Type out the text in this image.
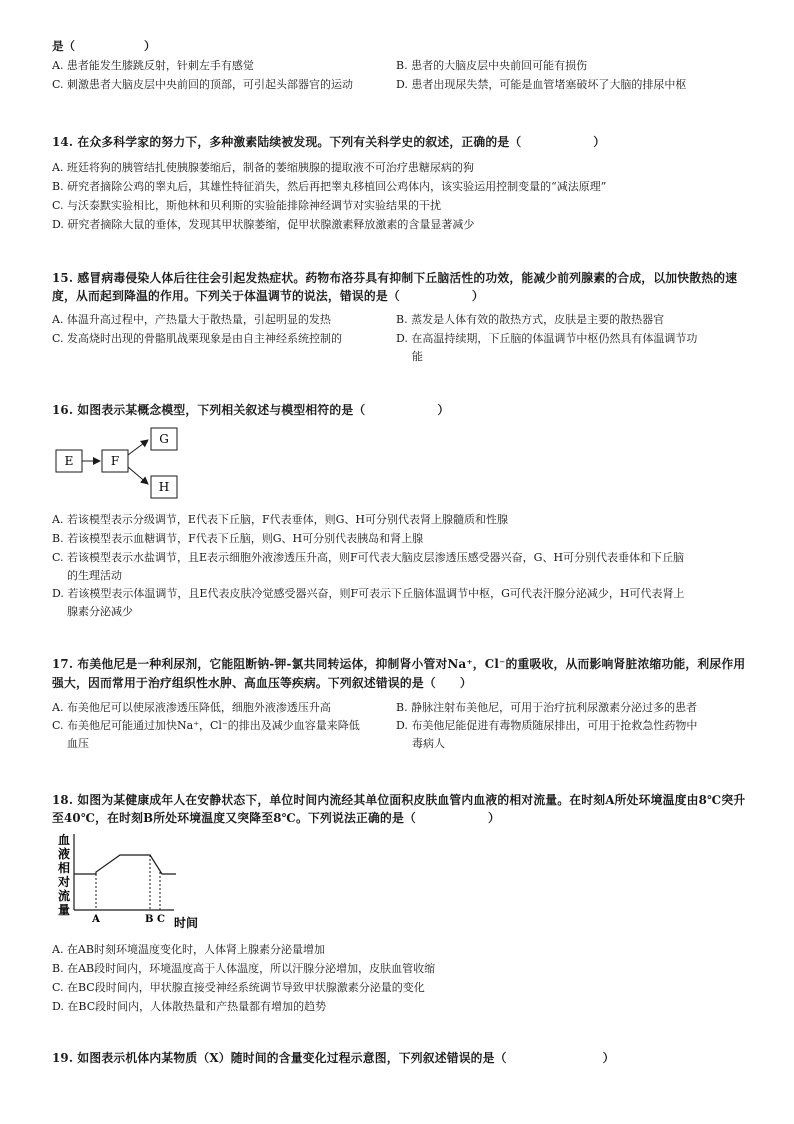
是（　　　　　　）
A. 患者能发生膝跳反射，针刺左手有感觉	B. 患者的大脑皮层中央前回可能有损伤
C. 刺激患者大脑皮层中央前回的顶部，可引起头部器官的运动	D. 患者出现尿失禁，可能是血管堵塞破坏了大脑的排尿中枢
14. 在众多科学家的努力下，多种激素陆续被发现。下列有关科学史的叙述，正确的是（　　　　　　）
A. 班廷将狗的胰管结扎使胰腺萎缩后，制备的萎缩胰腺的提取液不可治疗患糖尿病的狗
B. 研究者摘除公鸡的睾丸后，其雄性特征消失，然后再把睾丸移植回公鸡体内，该实验运用控制变量的“减法原理”
C. 与沃泰默实验相比，斯他林和贝利斯的实验能排除神经调节对实验结果的干扰
D. 研究者摘除大鼠的垂体，发现其甲状腺萎缩，促甲状腺激素释放激素的含量显著减少
15. 感冒病毒侵染人体后往往会引起发热症状。药物布洛芬具有抑制下丘脑活性的功效，能减少前列腺素的合成，以加快散热的速
度，从而起到降温的作用。下列关于体温调节的说法，错误的是（　　　　　　）
A. 体温升高过程中，产热量大于散热量，引起明显的发热	B. 蒸发是人体有效的散热方式，皮肤是主要的散热器官
C. 发高烧时出现的骨骼肌战栗现象是由自主神经系统控制的	D. 在高温持续期，下丘脑的体温调节中枢仍然具有体温调节功
能
16. 如图表示某概念模型，下列相关叙述与模型相符的是（　　　　　　）
E	F
G
H
A. 若该模型表示分级调节，E代表下丘脑，F代表垂体，则G、H可分别代表肾上腺髓质和性腺
B. 若该模型表示血糖调节，F代表下丘脑，则G、H可分别代表胰岛和肾上腺
C. 若该模型表示水盐调节，且E表示细胞外液渗透压升高，则F可代表大脑皮层渗透压感受器兴奋，G、H可分别代表垂体和下丘脑
的生理活动
D. 若该模型表示体温调节，且E代表皮肤冷觉感受器兴奋，则F可表示下丘脑体温调节中枢，G可代表汗腺分泌减少，H可代表肾上
腺素分泌减少
17. 布美他尼是一种利尿剂，它能阻断钠-钾-氯共同转运体，抑制肾小管对Na⁺，Cl⁻的重吸收，从而影响肾脏浓缩功能，利尿作用
强大，因而常用于治疗组织性水肿、高血压等疾病。下列叙述错误的是（　　）
A. 布美他尼可以使尿液渗透压降低，细胞外液渗透压升高	B. 静脉注射布美他尼，可用于治疗抗利尿激素分泌过多的患者
C. 布美他尼可能通过加快Na⁺，Cl⁻的排出及减少血容量来降低	D. 布美他尼能促进有毒物质随尿排出，可用于抢救急性药物中
血压	毒病人
18. 如图为某健康成年人在安静状态下，单位时间内流经其单位面积皮肤血管内血液的相对流量。在时刻A所处环境温度由8℃突升
至40℃，在时刻B所处环境温度又突降至8℃。下列说法正确的是（　　　　　　）
血
液
相
对
流
量
A	B C 时间
A. 在AB时刻环境温度变化时，人体肾上腺素分泌量增加
B. 在AB段时间内，环境温度高于人体温度，所以汗腺分泌增加，皮肤血管收缩
C. 在BC段时间内，甲状腺直接受神经系统调节导致甲状腺激素分泌量的变化
D. 在BC段时间内，人体散热量和产热量都有增加的趋势
19. 如图表示机体内某物质（X）随时间的含量变化过程示意图，下列叙述错误的是（　　　　　　　　）
